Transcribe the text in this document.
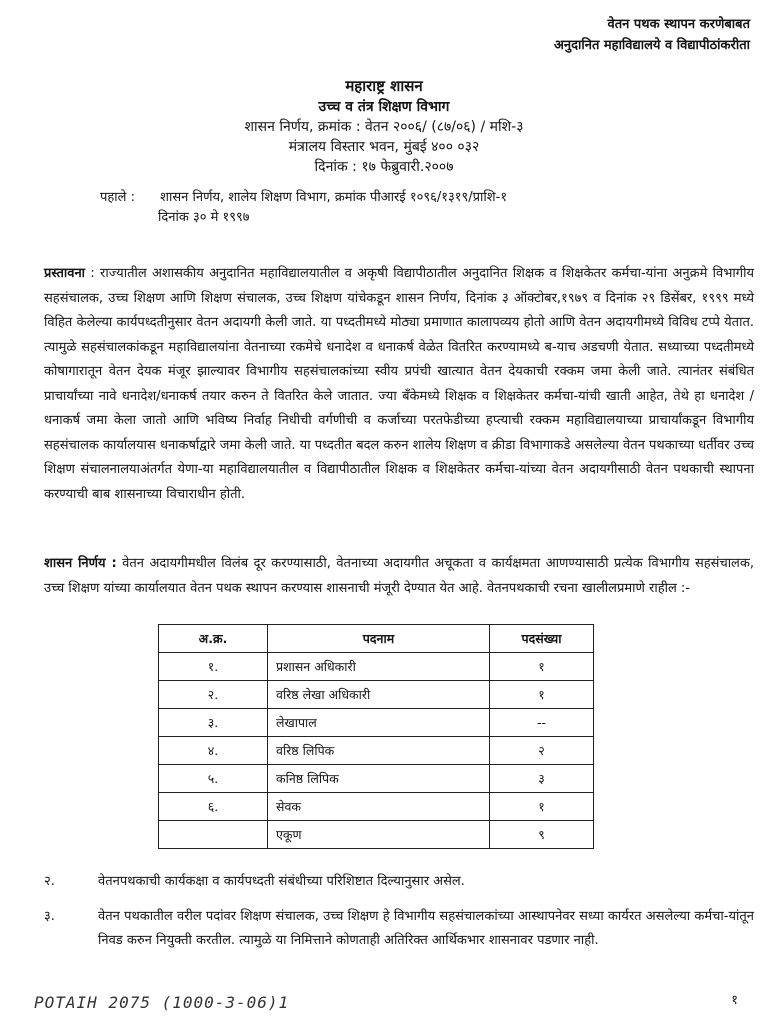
वेतन पथक स्थापन करणेबाबत
अनुदानित महाविद्यालये व विद्यापीठांकरीता
महाराष्ट्र शासन
उच्च व तंत्र शिक्षण विभाग
शासन निर्णय, क्रमांक : वेतन २००६/ (८७/०६) / मशि-३
मंत्रालय विस्तार भवन, मुंबई ४०० ०३२
दिनांक : १७ फेब्रुवारी.२००७
पहाले : शासन निर्णय, शालेय शिक्षण विभाग, क्रमांक पीआरई १०९६/१३१९/प्राशि-१
दिनांक ३० मे १९९७
प्रस्तावना : राज्यातील अशासकीय अनुदानित महाविद्यालयातील व अकृषी विद्यापीठातील अनुदानित शिक्षक व शिक्षकेतर कर्मचा-यांना अनुक्रमे विभागीय सहसंचालक, उच्च शिक्षण आणि शिक्षण संचालक, उच्च शिक्षण यांचेकडून शासन निर्णय, दिनांक ३ ऑक्टोबर,१९७९ व दिनांक २९ डिसेंबर, १९९९ मध्ये विहित केलेल्या कार्यपध्दतीनुसार वेतन अदायगी केली जाते. या पध्दतीमध्ये मोठ्या प्रमाणात कालापव्यय होतो आणि वेतन अदायगीमध्ये विविध टप्पे येतात. त्यामुळे सहसंचालकांकडून महाविद्यालयांना वेतनाच्या रकमेचे धनादेश व धनाकर्ष वेळेत वितरित करण्यामध्ये ब-याच अडचणी येतात. सध्याच्या पध्दतीमध्ये कोषागारातून वेतन देयक मंजूर झाल्यावर विभागीय सहसंचालकांच्या स्वीय प्रपंची खात्यात वेतन देयकाची रक्कम जमा केली जाते. त्यानंतर संबंधित प्राचार्यांच्या नावे धनादेश/धनाकर्ष तयार करुन ते वितरित केले जातात. ज्या बँकेमध्ये शिक्षक व शिक्षकेतर कर्मचा-यांची खाती आहेत, तेथे हा धनादेश /धनाकर्ष जमा केला जातो आणि भविष्य निर्वाह निधीची वर्गणीची व कर्जाच्या परतफेडीच्या हप्त्याची रक्कम महाविद्यालयाच्या प्राचार्यांकडून विभागीय सहसंचालक कार्यालयास धनाकर्षाद्वारे जमा केली जाते. या पध्दतीत बदल करुन शालेय शिक्षण व क्रीडा विभागाकडे असलेल्या वेतन पथकाच्या धर्तीवर उच्च शिक्षण संचालनालयाअंतर्गत येणा-या महाविद्यालयातील व विद्यापीठातील शिक्षक व शिक्षकेतर कर्मचा-यांच्या वेतन अदायगीसाठी वेतन पथकाची स्थापना करण्याची बाब शासनाच्या विचाराधीन होती.
शासन निर्णय : वेतन अदायगीमधील विलंब दूर करण्यासाठी, वेतनाच्या अदायगीत अचूकता व कार्यक्षमता आणण्यासाठी प्रत्येक विभागीय सहसंचालक, उच्च शिक्षण यांच्या कार्यालयात वेतन पथक स्थापन करण्यास शासनाची मंजूरी देण्यात येत आहे. वेतनपथकाची रचना खालीलप्रमाणे राहील :-
अ.क्र.	पदनाम	पदसंख्या
१.	प्रशासन अधिकारी	१
२.	वरिष्ठ लेखा अधिकारी	१
३.	लेखापाल	--
४.	वरिष्ठ लिपिक	२
५.	कनिष्ठ लिपिक	३
६.	सेवक	१
	एकूण	९
२.	वेतनपथकाची कार्यकक्षा व कार्यपध्दती संबंधीच्या परिशिष्टात दिल्यानुसार असेल.
३.	वेतन पथकातील वरील पदांवर शिक्षण संचालक, उच्च शिक्षण हे विभागीय सहसंचालकांच्या आस्थापनेवर सध्या कार्यरत असलेल्या कर्मचा-यांतून निवड करुन नियुक्ती करतील. त्यामुळे या निमित्ताने कोणताही अतिरिक्त आर्थिकभार शासनावर पडणार नाही.
POTAIH 2075 (1000-3-06)1	१
